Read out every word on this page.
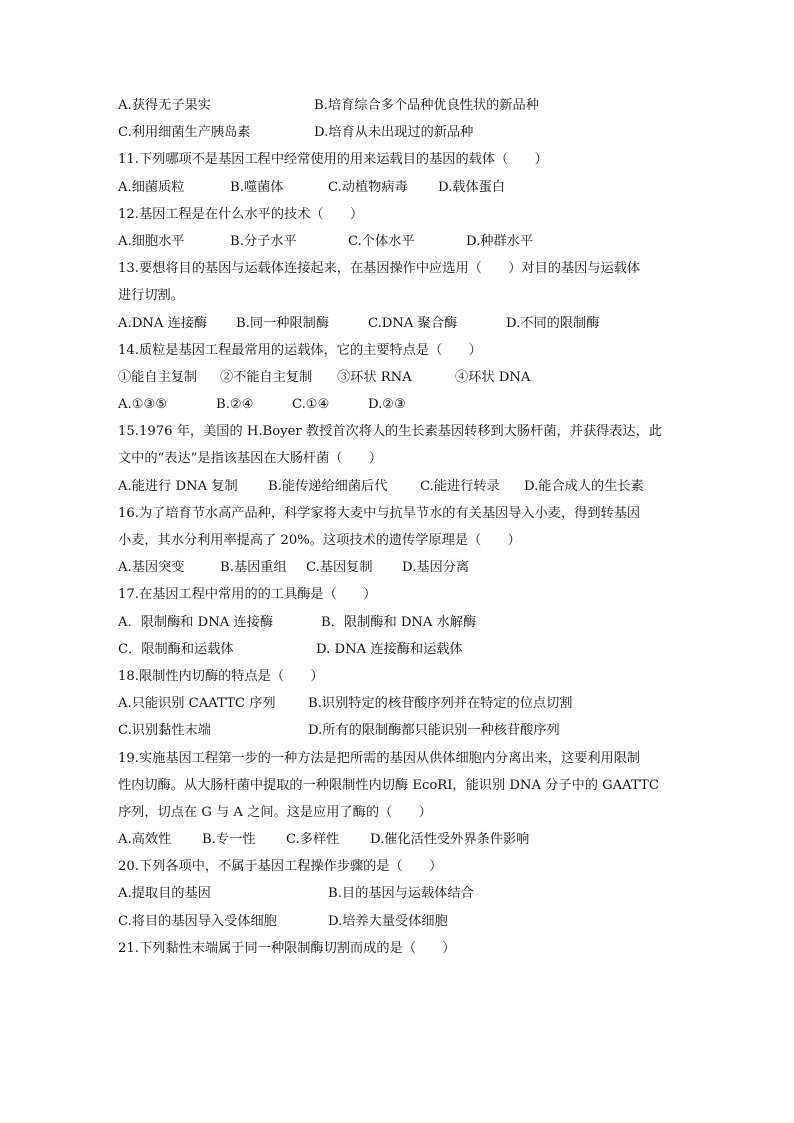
A.获得无子果实	B.培育综合多个品种优良性状的新品种
C.利用细菌生产胰岛素	D.培育从未出现过的新品种
11.下列哪项不是基因工程中经常使用的用来运载目的基因的载体（　　）
A.细菌质粒	B.噬菌体	C.动植物病毒 D.载体蛋白
12.基因工程是在什么水平的技术（　　）
A.细胞水平	B.分子水平	C.个体水平	D.种群水平
13.要想将目的基因与运载体连接起来，在基因操作中应选用（　　）对目的基因与运载体
进行切割。
A.DNA 连接酶 B.同一种限制酶	C.DNA 聚合酶	D.不同的限制酶
14.质粒是基因工程最常用的运载体，它的主要特点是（　　）
①能自主复制 ②不能自主复制 ③环状 RNA	④环状 DNA
A.①③⑤	B.②④	C.①④	D.②③
15.1976 年，美国的 H.Boyer 教授首次将人的生长素基因转移到大肠杆菌，并获得表达，此
文中的“表达”是指该基因在大肠杆菌（　　）
A.能进行 DNA 复制 B.能传递给细菌后代 C.能进行转录 D.能合成人的生长素
16.为了培育节水高产品种，科学家将大麦中与抗旱节水的有关基因导入小麦，得到转基因
小麦，其水分利用率提高了 20%。这项技术的遗传学原理是（　　）
A.基因突变	B.基因重组 C.基因复制 D.基因分离
17.在基因工程中常用的的工具酶是（　　）
A．限制酶和 DNA 连接酶	B．限制酶和 DNA 水解酶
C．限制酶和运载体	D. DNA 连接酶和运载体
18.限制性内切酶的特点是（　　）
A.只能识别 CAATTC 序列 B.识别特定的核苷酸序列并在特定的位点切割
C.识别黏性末端	D.所有的限制酶都只能识别一种核苷酸序列
19.实施基因工程第一步的一种方法是把所需的基因从供体细胞内分离出来，这要利用限制
性内切酶。从大肠杆菌中提取的一种限制性内切酶 EcoRI，能识别 DNA 分子中的 GAATTC
序列，切点在 G 与 A 之间。这是应用了酶的（　　）
A.高效性 B.专一性 C.多样性 D.催化活性受外界条件影响
20.下列各项中，不属于基因工程操作步骤的是（　　）
A.提取目的基因	B.目的基因与运载体结合
C.将目的基因导入受体细胞	D.培养大量受体细胞
21.下列黏性末端属于同一种限制酶切割而成的是（　　）
